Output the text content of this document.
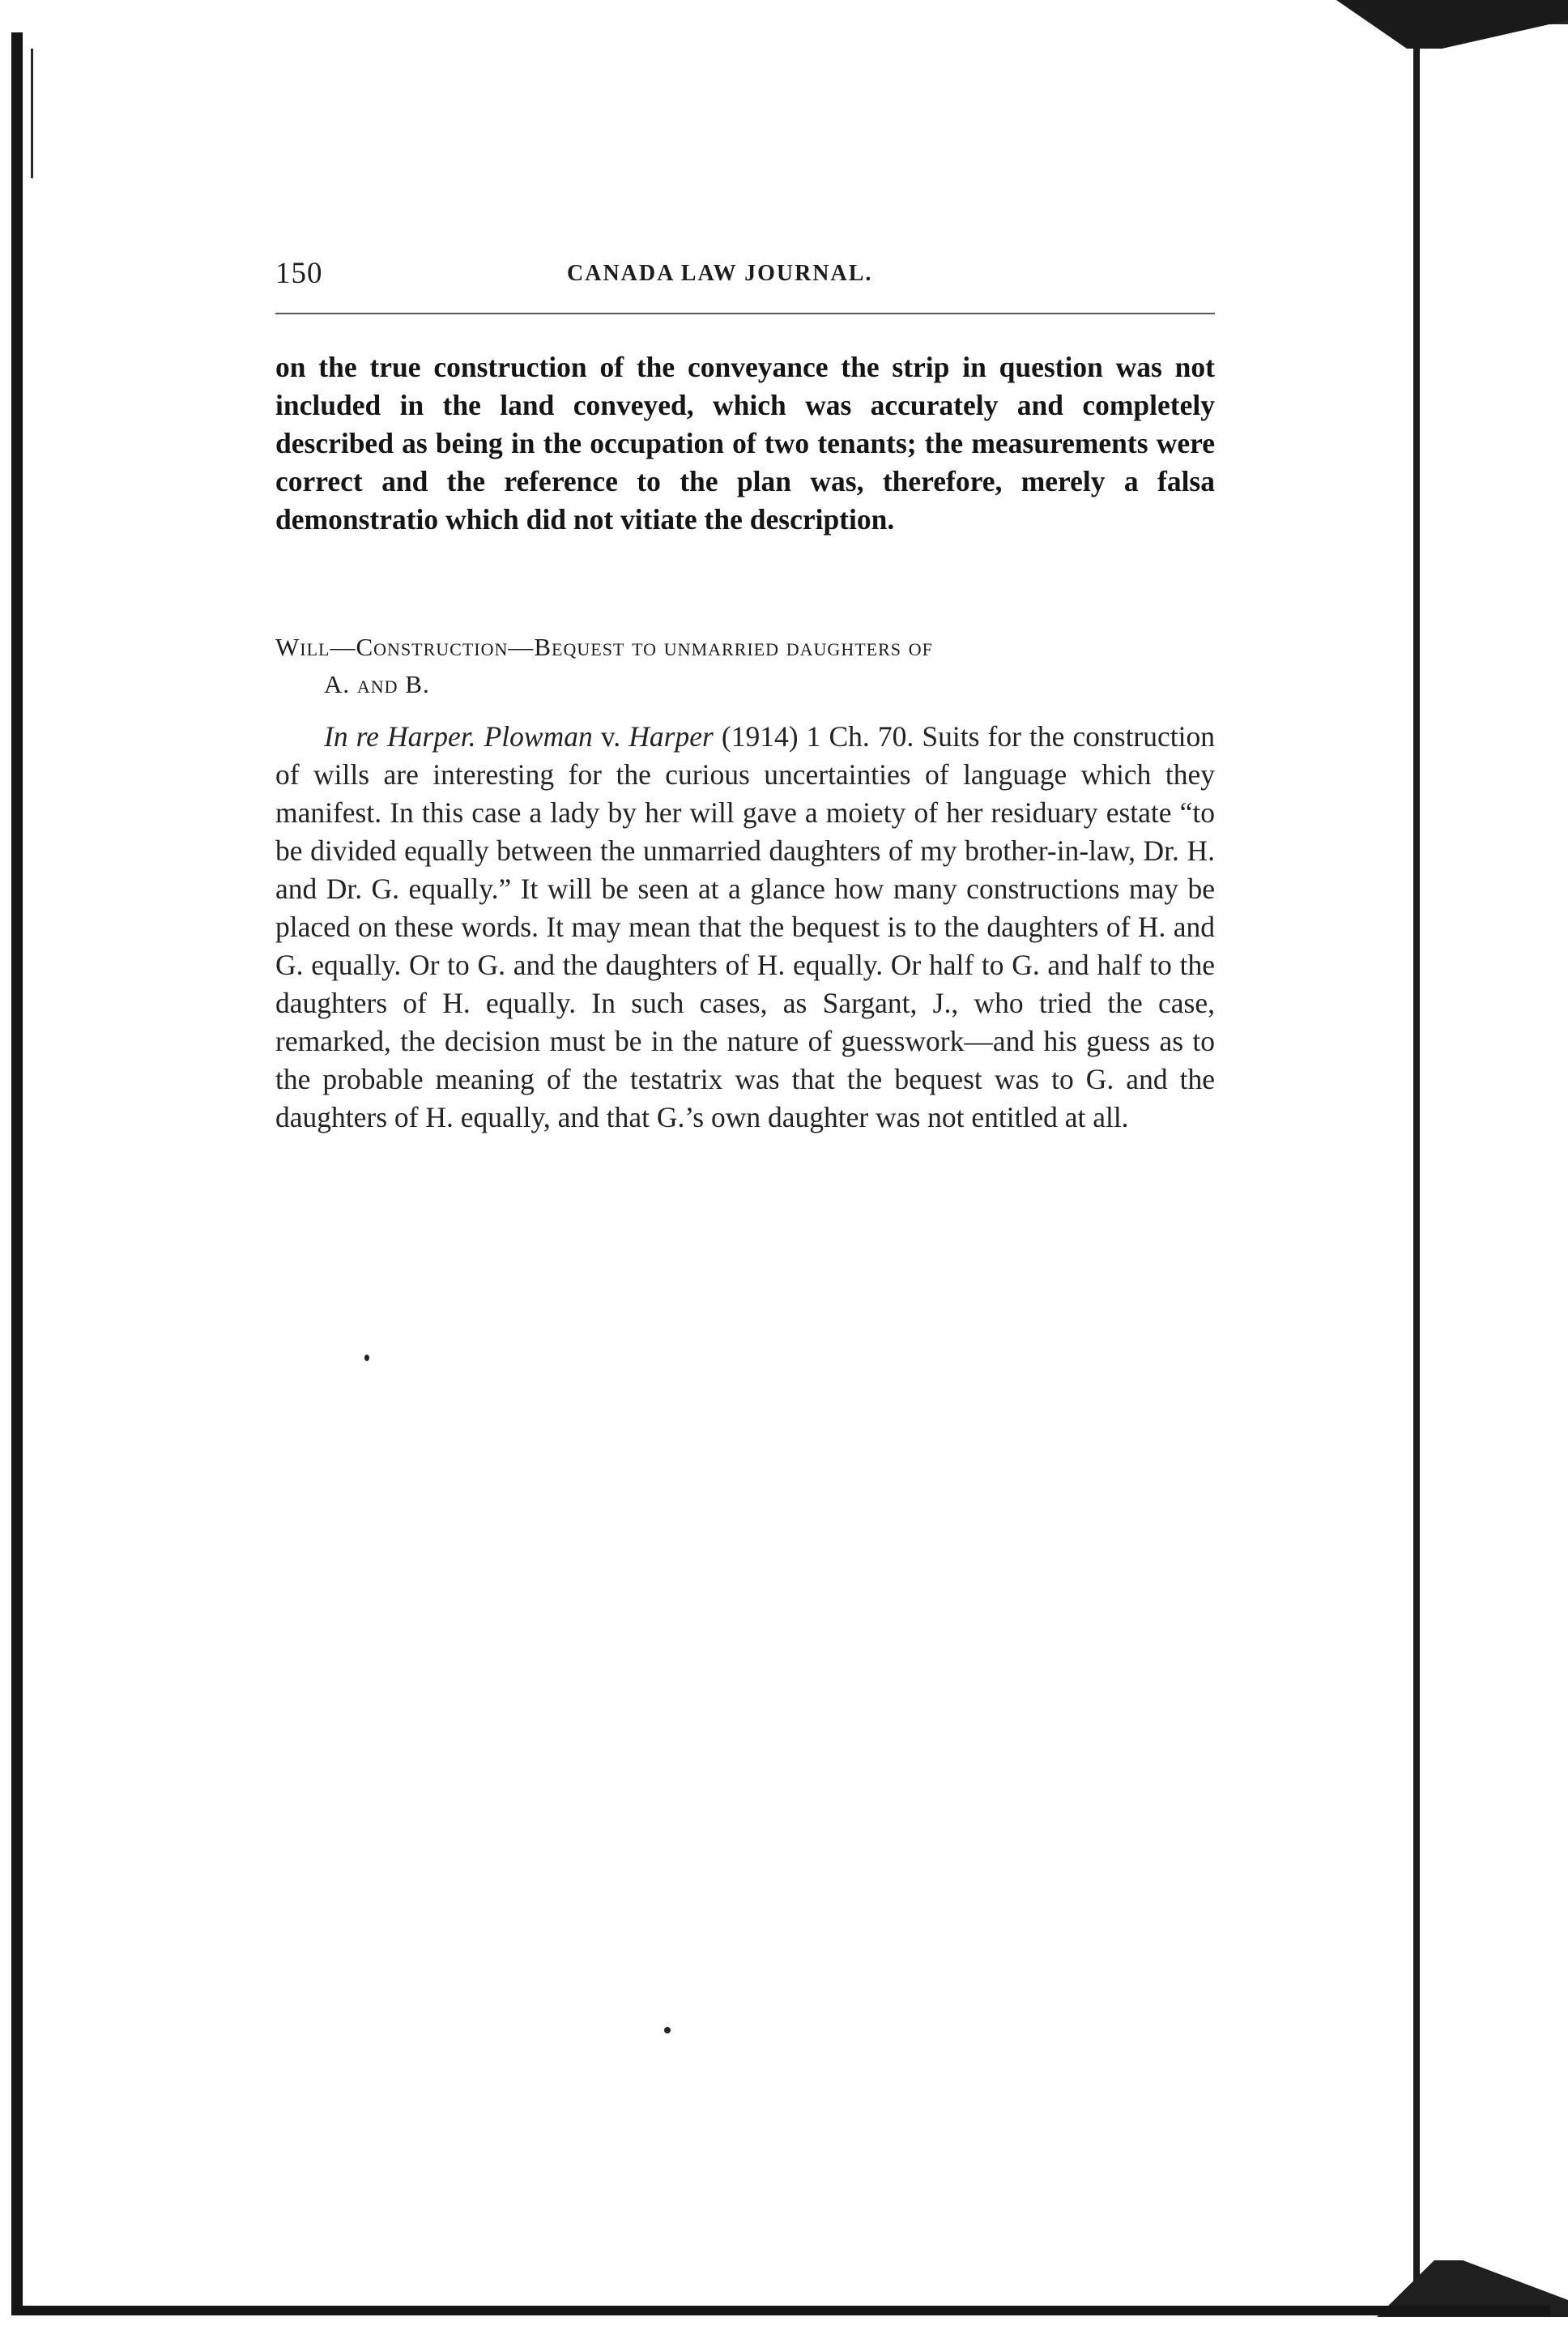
150	CANADA LAW JOURNAL.
on the true construction of the conveyance the strip in question was not included in the land conveyed, which was accurately and completely described as being in the occupation of two tenants; the measurements were correct and the reference to the plan was, therefore, merely a falsa demonstratio which did not vitiate the description.
Will—Construction—Bequest to unmarried daughters of
A. and B.
In re Harper. Plowman v. Harper (1914) 1 Ch. 70. Suits for the construction of wills are interesting for the curious uncertainties of language which they manifest. In this case a lady by her will gave a moiety of her residuary estate “to be divided equally between the unmarried daughters of my brother-in-law, Dr. H. and Dr. G. equally.” It will be seen at a glance how many constructions may be placed on these words. It may mean that the bequest is to the daughters of H. and G. equally. Or to G. and the daughters of H. equally. Or half to G. and half to the daughters of H. equally. In such cases, as Sargant, J., who tried the case, remarked, the decision must be in the nature of guesswork—and his guess as to the probable meaning of the testatrix was that the bequest was to G. and the daughters of H. equally, and that G.’s own daughter was not entitled at all.
